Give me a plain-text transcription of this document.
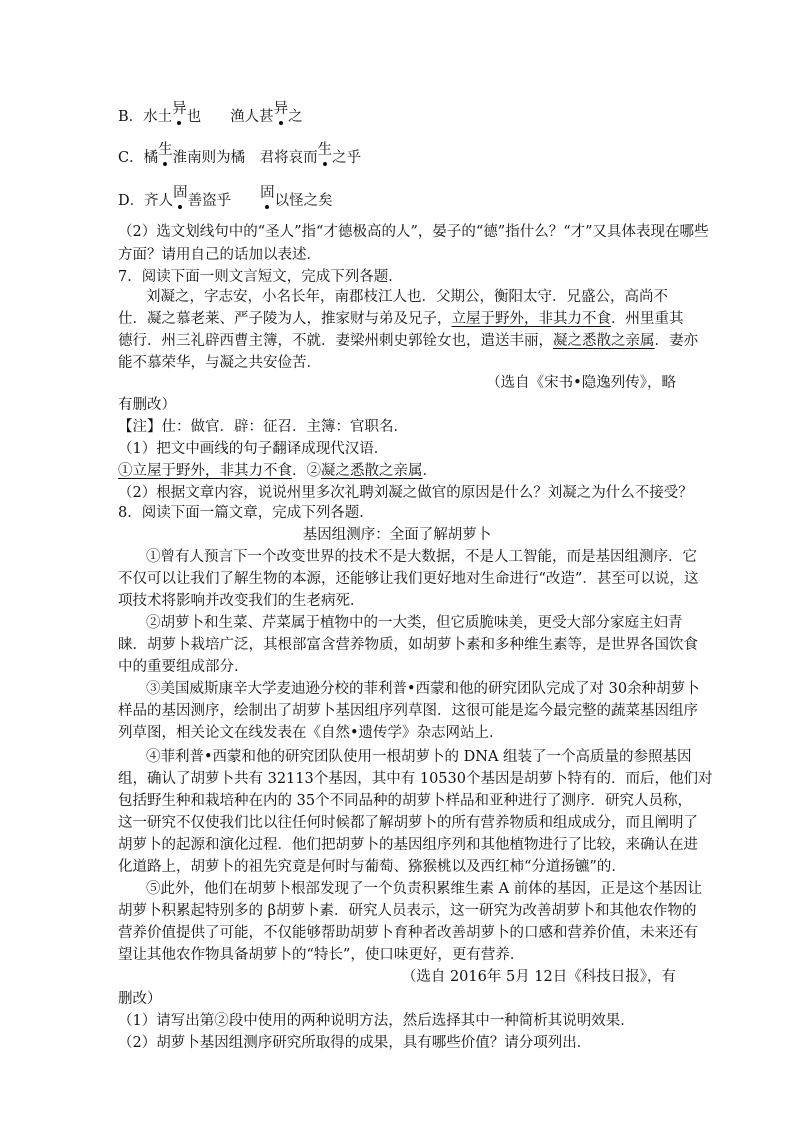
B．水土异也　　渔人甚异之
C．橘生淮南则为橘　君将哀而生之乎
D．齐人固善盗乎　　固以怪之矣
（2）选文划线句中的“圣人”指“才德极高的人”，晏子的“德”指什么？“才”又具体表现在哪些
方面？请用自己的话加以表述．
7．阅读下面一则文言短文，完成下列各题．
刘凝之，字志安，小名长年，南郡枝江人也．父期公，衡阳太守．兄盛公，高尚不
仕．凝之慕老莱、严子陵为人，推家财与弟及兄子，立屋于野外，非其力不食．州里重其
德行．州三礼辟西曹主簿，不就．妻梁州刺史郭铨女也，遣送丰丽，凝之悉散之亲属．妻亦
能不慕荣华，与凝之共安俭苦．
（选自《宋书•隐逸列传》，略
有删改）
【注】仕：做官．辟：征召．主簿：官职名．
（1）把文中画线的句子翻译成现代汉语．
①立屋于野外，非其力不食．②凝之悉散之亲属．
（2）根据文章内容，说说州里多次礼聘刘凝之做官的原因是什么？刘凝之为什么不接受？
8．阅读下面一篇文章，完成下列各题．
基因组测序：全面了解胡萝卜
①曾有人预言下一个改变世界的技术不是大数据，不是人工智能，而是基因组测序．它
不仅可以让我们了解生物的本源，还能够让我们更好地对生命进行“改造”．甚至可以说，这
项技术将影响并改变我们的生老病死．
②胡萝卜和生菜、芹菜属于植物中的一大类，但它质脆味美，更受大部分家庭主妇青
睐．胡萝卜栽培广泛，其根部富含营养物质，如胡萝卜素和多种维生素等，是世界各国饮食
中的重要组成部分．
③美国威斯康辛大学麦迪逊分校的菲利普•西蒙和他的研究团队完成了对 30余种胡萝卜
样品的基因测序，绘制出了胡萝卜基因组序列草图．这很可能是迄今最完整的蔬菜基因组序
列草图，相关论文在线发表在《自然•遗传学》杂志网站上．
④菲利普•西蒙和他的研究团队使用一根胡萝卜的 DNA 组装了一个高质量的参照基因
组，确认了胡萝卜共有 32113个基因，其中有 10530个基因是胡萝卜特有的．而后，他们对
包括野生种和栽培种在内的 35个不同品种的胡萝卜样品和亚种进行了测序．研究人员称，
这一研究不仅使我们比以往任何时候都了解胡萝卜的所有营养物质和组成成分，而且阐明了
胡萝卜的起源和演化过程．他们把胡萝卜的基因组序列和其他植物进行了比较，来确认在进
化道路上，胡萝卜的祖先究竟是何时与葡萄、猕猴桃以及西红柿“分道扬镳”的．
⑤此外，他们在胡萝卜根部发现了一个负责积累维生素 A 前体的基因，正是这个基因让
胡萝卜积累起特别多的 β胡萝卜素．研究人员表示，这一研究为改善胡萝卜和其他农作物的
营养价值提供了可能，不仅能够帮助胡萝卜育种者改善胡萝卜的口感和营养价值，未来还有
望让其他农作物具备胡萝卜的“特长”，使口味更好，更有营养．
（选自 2016年 5月 12日《科技日报》，有
删改）
（1）请写出第②段中使用的两种说明方法，然后选择其中一种简析其说明效果．
（2）胡萝卜基因组测序研究所取得的成果，具有哪些价值？请分项列出．
